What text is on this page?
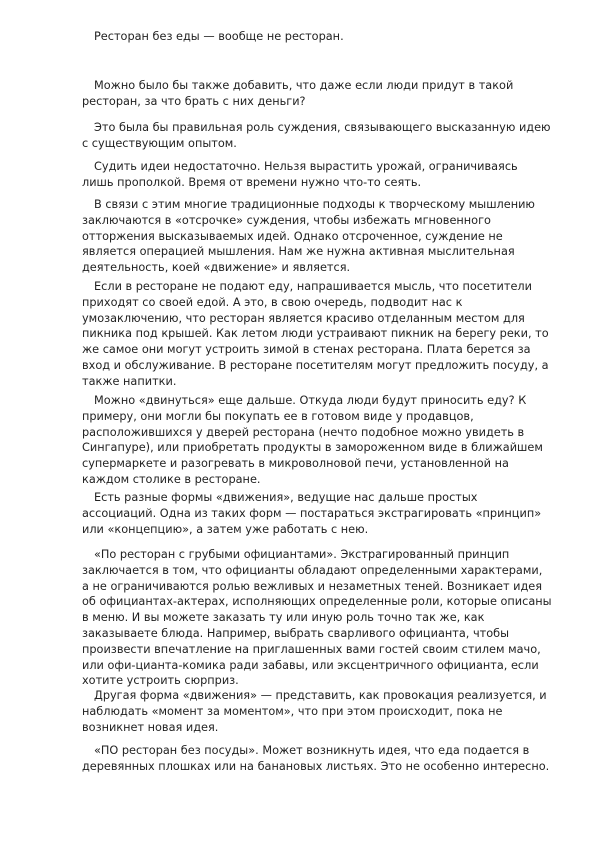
Ресторан без еды — вообще не ресторан.

Можно было бы также добавить, что даже если люди придут в такой ресторан, за что брать с них деньги?

Это была бы правильная роль суждения, связывающего высказанную идею с существующим опытом.

Судить идеи недостаточно. Нельзя вырастить урожай, ограничиваясь лишь прополкой. Время от времени нужно что-то сеять.

В связи с этим многие традиционные подходы к творческому мышлению заключаются в «отсрочке» суждения, чтобы избежать мгновенного отторжения высказываемых идей. Однако отсроченное, суждение не является операцией мышления. Нам же нужна активная мыслительная деятельность, коей «движение» и является.

Если в ресторане не подают еду, напрашивается мысль, что посетители приходят со своей едой. А это, в свою очередь, подводит нас к умозаключению, что ресторан является красиво отделанным местом для пикника под крышей. Как летом люди устраивают пикник на берегу реки, то же самое они могут устроить зимой в стенах ресторана. Плата берется за вход и обслуживание. В ресторане посетителям могут предложить посуду, а также напитки.

Можно «двинуться» еще дальше. Откуда люди будут приносить еду? К примеру, они могли бы покупать ее в готовом виде у продавцов, расположившихся у дверей ресторана (нечто подобное можно увидеть в Сингапуре), или приобретать продукты в замороженном виде в ближайшем супермаркете и разогревать в микроволновой печи, установленной на каждом столике в ресторане.

Есть разные формы «движения», ведущие нас дальше простых ассоциаций. Одна из таких форм — постараться экстрагировать «принцип» или «концепцию», а затем уже работать с нею.

«По ресторан с грубыми официантами». Экстрагированный принцип заключается в том, что официанты обладают определенными характерами, а не ограничиваются ролью вежливых и незаметных теней. Возникает идея об официантах-актерах, исполняющих определенные роли, которые описаны в меню. И вы можете заказать ту или иную роль точно так же, как заказываете блюда. Например, выбрать сварливого официанта, чтобы произвести впечатление на приглашенных вами гостей своим стилем мачо, или офи-цианта-комика ради забавы, или эксцентричного официанта, если хотите устроить сюрприз.

Другая форма «движения» — представить, как провокация реализуется, и наблюдать «момент за моментом», что при этом происходит, пока не возникнет новая идея.

«ПО ресторан без посуды». Может возникнуть идея, что еда подается в деревянных плошках или на банановых листьях. Это не особенно интересно.
